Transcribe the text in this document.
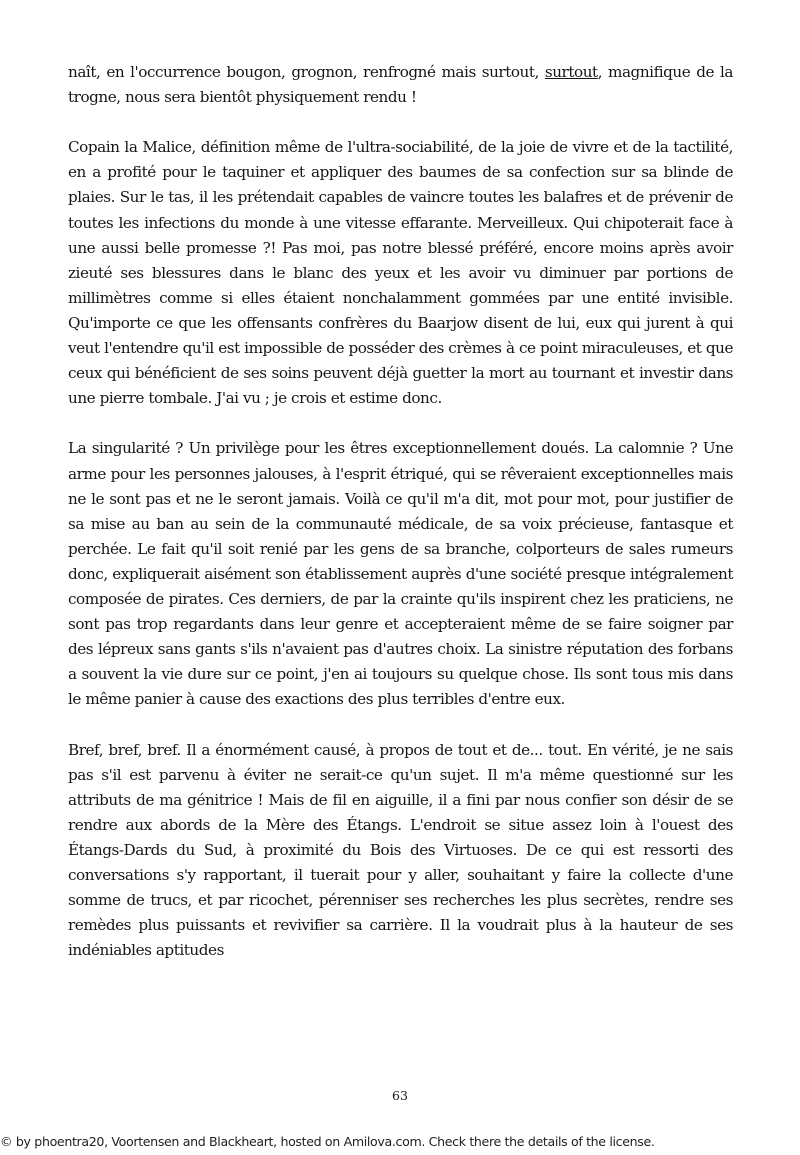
naît, en l'occurrence bougon, grognon, renfrogné mais surtout, surtout, magnifique de la trogne, nous sera bientôt physiquement rendu !

Copain la Malice, définition même de l'ultra-sociabilité, de la joie de vivre et de la tactilité, en a profité pour le taquiner et appliquer des baumes de sa confection sur sa blinde de plaies. Sur le tas, il les prétendait capables de vaincre toutes les balafres et de prévenir de toutes les infections du monde à une vitesse effarante. Merveilleux. Qui chipoterait face à une aussi belle promesse ?! Pas moi, pas notre blessé préféré, encore moins après avoir zieuté ses blessures dans le blanc des yeux et les avoir vu diminuer par portions de millimètres comme si elles étaient nonchalamment gommées par une entité invisible. Qu'importe ce que les offensants confrères du Baarjow disent de lui, eux qui jurent à qui veut l'entendre qu'il est impossible de posséder des crèmes à ce point miraculeuses, et que ceux qui bénéficient de ses soins peuvent déjà guetter la mort au tournant et investir dans une pierre tombale. J'ai vu ; je crois et estime donc.

La singularité ? Un privilège pour les êtres exceptionnellement doués. La calomnie ? Une arme pour les personnes jalouses, à l'esprit étriqué, qui se rêveraient exceptionnelles mais ne le sont pas et ne le seront jamais. Voilà ce qu'il m'a dit, mot pour mot, pour justifier de sa mise au ban au sein de la communauté médicale, de sa voix précieuse, fantasque et perchée. Le fait qu'il soit renié par les gens de sa branche, colporteurs de sales rumeurs donc, expliquerait aisément son établissement auprès d'une société presque intégralement composée de pirates. Ces derniers, de par la crainte qu'ils inspirent chez les praticiens, ne sont pas trop regardants dans leur genre et accepteraient même de se faire soigner par des lépreux sans gants s'ils n'avaient pas d'autres choix. La sinistre réputation des forbans a souvent la vie dure sur ce point, j'en ai toujours su quelque chose. Ils sont tous mis dans le même panier à cause des exactions des plus terribles d'entre eux.

Bref, bref, bref. Il a énormément causé, à propos de tout et de... tout. En vérité, je ne sais pas s'il est parvenu à éviter ne serait-ce qu'un sujet. Il m'a même questionné sur les attributs de ma génitrice ! Mais de fil en aiguille, il a fini par nous confier son désir de se rendre aux abords de la Mère des Étangs. L'endroit se situe assez loin à l'ouest des Étangs-Dards du Sud, à proximité du Bois des Virtuoses. De ce qui est ressorti des conversations s'y rapportant, il tuerait pour y aller, souhaitant y faire la collecte d'une somme de trucs, et par ricochet, pérenniser ses recherches les plus secrètes, rendre ses remèdes plus puissants et revivifier sa carrière. Il la voudrait plus à la hauteur de ses indéniables aptitudes

63
© by phoentra20, Voortensen and Blackheart, hosted on Amilova.com. Check there the details of the license.
